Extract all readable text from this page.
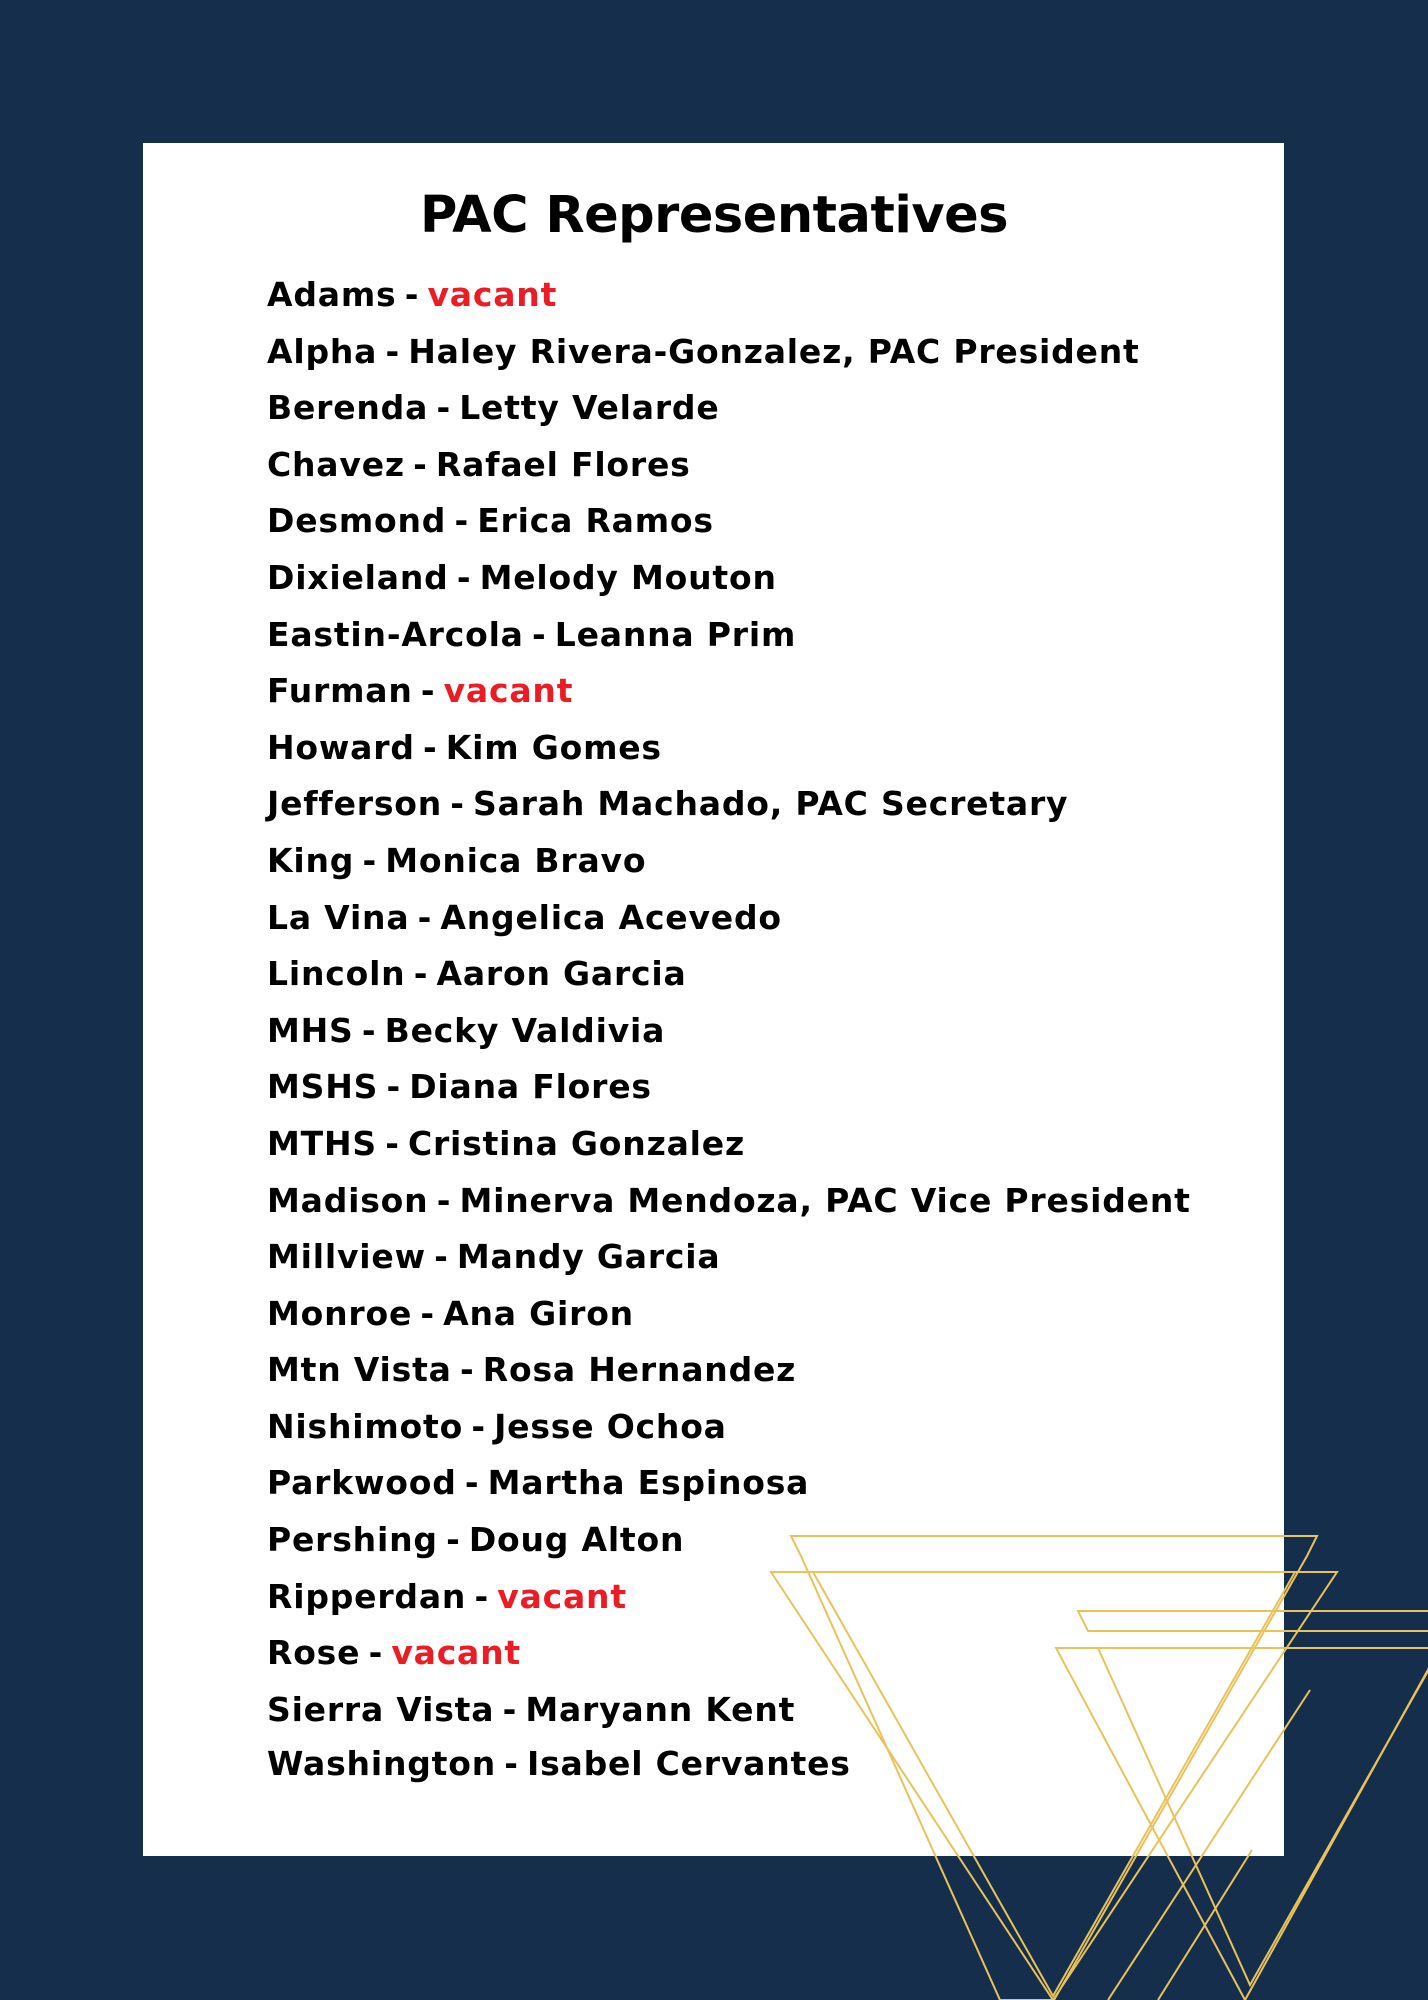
PAC Representatives
Adams - vacant
Alpha - Haley Rivera-Gonzalez, PAC President
Berenda - Letty Velarde
Chavez - Rafael Flores
Desmond - Erica Ramos
Dixieland - Melody Mouton
Eastin-Arcola - Leanna Prim
Furman - vacant
Howard - Kim Gomes
Jefferson - Sarah Machado, PAC Secretary
King - Monica Bravo
La Vina - Angelica Acevedo
Lincoln - Aaron Garcia
MHS - Becky Valdivia
MSHS - Diana Flores
MTHS - Cristina Gonzalez
Madison - Minerva Mendoza, PAC Vice President
Millview - Mandy Garcia
Monroe - Ana Giron
Mtn Vista - Rosa Hernandez
Nishimoto - Jesse Ochoa
Parkwood - Martha Espinosa
Pershing - Doug Alton
Ripperdan - vacant
Rose - vacant
Sierra Vista - Maryann Kent
Washington - Isabel Cervantes
